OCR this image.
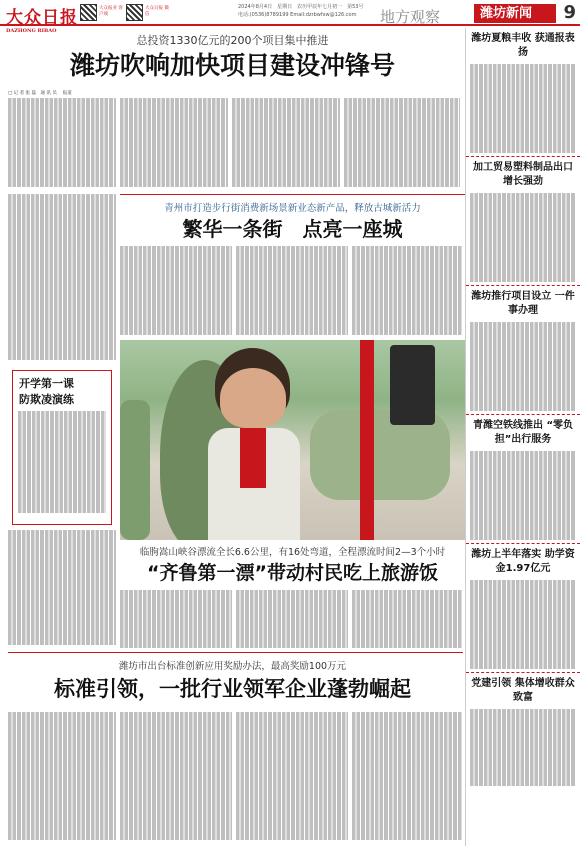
大众日报
DAZHONG RIBAO
大众报业 客户端
大众日报 微信
2024年8月4日　星期日　农历甲辰年七月初一　第53号
电话:(0536)8789199 Email:dzrbwfxw@126.com 地方观察	潍坊新闻	9
总投资1330亿元的200个项目集中推进
潍坊吹响加快项目建设冲锋号
□ 记 者 张 磊　通 讯 员 　报道
青州市打造步行街消费新场景新业态新产品，释放古城新活力
繁华一条街　点亮一座城
开学第一课
防欺凌演练
临朐嵩山峡谷漂流全长6.6公里，有16处弯道，全程漂流时间2—3个小时
“齐鲁第一漂”带动村民吃上旅游饭
潍坊市出台标准创新应用奖励办法，最高奖励100万元
标准引领，一批行业领军企业蓬勃崛起
潍坊夏粮丰收 获通报表扬
加工贸易塑料制品出口 增长强劲
潍坊推行项目设立 一件事办理
青潍空铁线推出 “零负担”出行服务
潍坊上半年落实 助学资金1.97亿元
党建引领 集体增收群众致富
